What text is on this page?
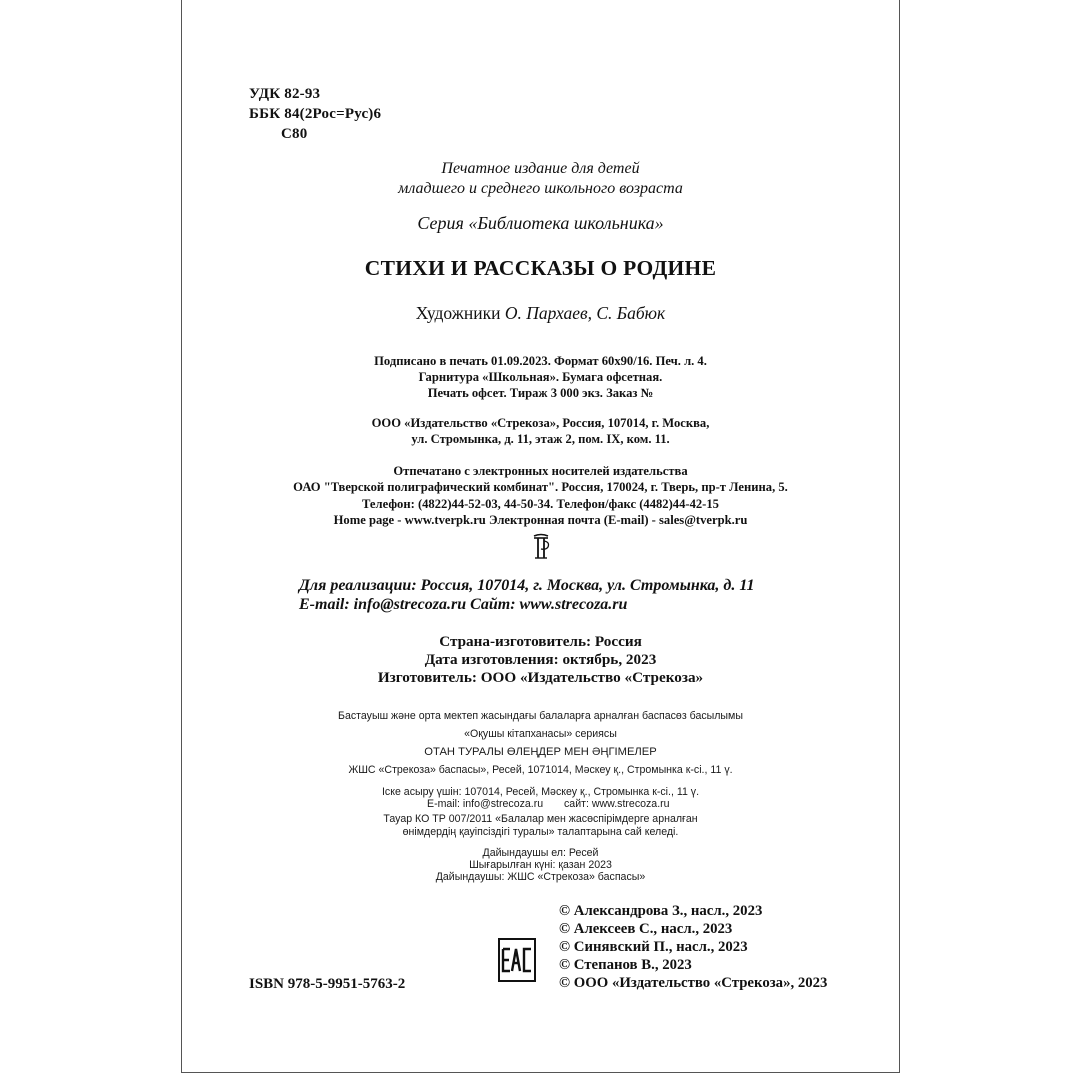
УДК 82-93
ББК 84(2Рос=Рус)6
С80
Печатное издание для детей
младшего и среднего школьного возраста
Серия «Библиотека школьника»
СТИХИ И РАССКАЗЫ О РОДИНЕ
Художники О. Пархаев, С. Бабюк
Подписано в печать 01.09.2023. Формат 60х90/16. Печ. л. 4.
Гарнитура «Школьная». Бумага офсетная.
Печать офсет. Тираж 3 000 экз. Заказ №
ООО «Издательство «Стрекоза», Россия, 107014, г. Москва,
ул. Стромынка, д. 11, этаж 2, пом. IX, ком. 11.
Отпечатано с электронных носителей издательства
ОАО "Тверской полиграфический комбинат". Россия, 170024, г. Тверь, пр-т Ленина, 5.
Телефон: (4822)44-52-03, 44-50-34. Телефон/факс (4482)44-42-15
Home page - www.tverpk.ru Электронная почта (E-mail) - sales@tverpk.ru
Для реализации: Россия, 107014, г. Москва, ул. Стромынка, д. 11
E-mail: info@strecoza.ru Сайт: www.strecoza.ru
Страна-изготовитель: Россия
Дата изготовления: октябрь, 2023
Изготовитель: ООО «Издательство «Стрекоза»
Бастауыш және орта мектеп жасындағы балаларға арналған баспасөз басылымы
«Оқушы кітапханасы» сериясы
ОТАН ТУРАЛЫ ӨЛЕҢДЕР МЕН ӘҢГІМЕЛЕР
ЖШС «Стрекоза» баспасы», Ресей, 1071014, Мәскеу қ., Стромынка к-сі., 11 ү.
Іске асыру үшін: 107014, Ресей, Мәскеу қ., Стромынка к-сі., 11 ү.
E-mail: info@strecoza.ru сайт: www.strecoza.ru
Тауар КО ТР 007/2011 «Балалар мен жасөспірімдерге арналған
өнімдердің қауіпсіздігі туралы» талаптарына сай келеді.
Дайындаушы ел: Ресей
Шығарылған күні: қазан 2023
Дайындаушы: ЖШС «Стрекоза» баспасы»
© Александрова З., насл., 2023
© Алексеев С., насл., 2023
© Синявский П., насл., 2023
© Степанов В., 2023
© ООО «Издательство «Стрекоза», 2023
ISBN 978-5-9951-5763-2
